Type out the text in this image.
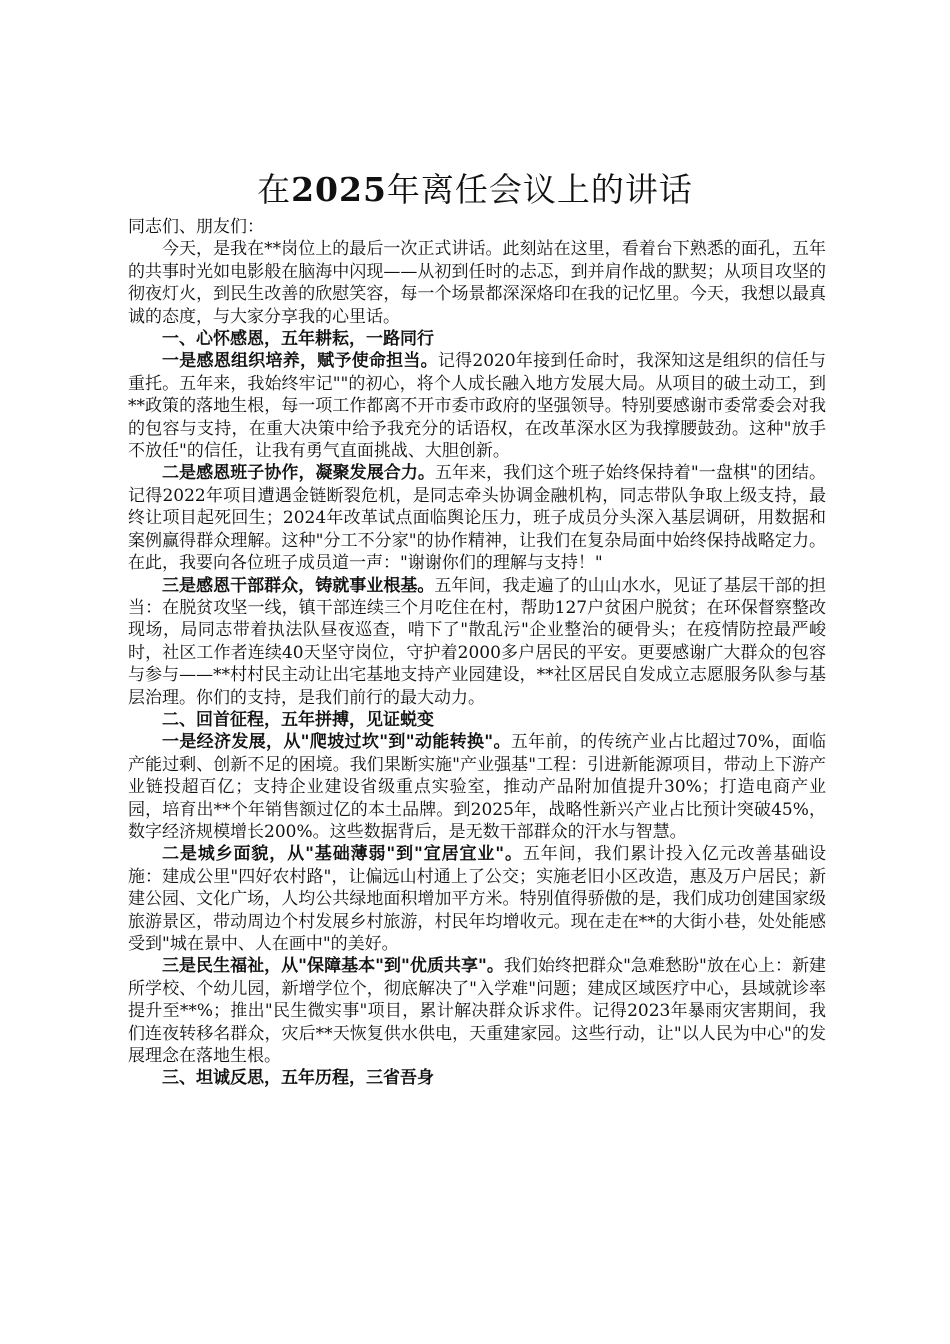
在2025年离任会议上的讲话

同志们、朋友们：

今天，是我在**岗位上的最后一次正式讲话。此刻站在这里，看着台下熟悉的面孔，五年的共事时光如电影般在脑海中闪现——从初到任时的忐忑，到并肩作战的默契；从项目攻坚的彻夜灯火，到民生改善的欣慰笑容，每一个场景都深深烙印在我的记忆里。今天，我想以最真诚的态度，与大家分享我的心里话。

一、心怀感恩，五年耕耘，一路同行

一是感恩组织培养，赋予使命担当。记得2020年接到任命时，我深知这是组织的信任与重托。五年来，我始终牢记""的初心，将个人成长融入地方发展大局。从项目的破土动工，到**政策的落地生根，每一项工作都离不开市委市政府的坚强领导。特别要感谢市委常委会对我的包容与支持，在重大决策中给予我充分的话语权，在改革深水区为我撑腰鼓劲。这种"放手不放任"的信任，让我有勇气直面挑战、大胆创新。

二是感恩班子协作，凝聚发展合力。五年来，我们这个班子始终保持着"一盘棋"的团结。记得2022年项目遭遇金链断裂危机，是同志牵头协调金融机构，同志带队争取上级支持，最终让项目起死回生；2024年改革试点面临舆论压力，班子成员分头深入基层调研，用数据和案例赢得群众理解。这种"分工不分家"的协作精神，让我们在复杂局面中始终保持战略定力。在此，我要向各位班子成员道一声："谢谢你们的理解与支持！"

三是感恩干部群众，铸就事业根基。五年间，我走遍了的山山水水，见证了基层干部的担当：在脱贫攻坚一线，镇干部连续三个月吃住在村，帮助127户贫困户脱贫；在环保督察整改现场，局同志带着执法队昼夜巡查，啃下了"散乱污"企业整治的硬骨头；在疫情防控最严峻时，社区工作者连续40天坚守岗位，守护着2000多户居民的平安。更要感谢广大群众的包容与参与——**村村民主动让出宅基地支持产业园建设，**社区居民自发成立志愿服务队参与基层治理。你们的支持，是我们前行的最大动力。

二、回首征程，五年拼搏，见证蜕变

一是经济发展，从"爬坡过坎"到"动能转换"。五年前，的传统产业占比超过70%，面临产能过剩、创新不足的困境。我们果断实施"产业强基"工程：引进新能源项目，带动上下游产业链投超百亿；支持企业建设省级重点实验室，推动产品附加值提升30%；打造电商产业园，培育出**个年销售额过亿的本土品牌。到2025年，战略性新兴产业占比预计突破45%，数字经济规模增长200%。这些数据背后，是无数干部群众的汗水与智慧。

二是城乡面貌，从"基础薄弱"到"宜居宜业"。五年间，我们累计投入亿元改善基础设施：建成公里"四好农村路"，让偏远山村通上了公交；实施老旧小区改造，惠及万户居民；新建公园、文化广场，人均公共绿地面积增加平方米。特别值得骄傲的是，我们成功创建国家级旅游景区，带动周边个村发展乡村旅游，村民年均增收元。现在走在**的大街小巷，处处能感受到"城在景中、人在画中"的美好。

三是民生福祉，从"保障基本"到"优质共享"。我们始终把群众"急难愁盼"放在心上：新建所学校、个幼儿园，新增学位个，彻底解决了"入学难"问题；建成区域医疗中心，县域就诊率提升至**%；推出"民生微实事"项目，累计解决群众诉求件。记得2023年暴雨灾害期间，我们连夜转移名群众，灾后**天恢复供水供电，天重建家园。这些行动，让"以人民为中心"的发展理念在落地生根。

三、坦诚反思，五年历程，三省吾身
